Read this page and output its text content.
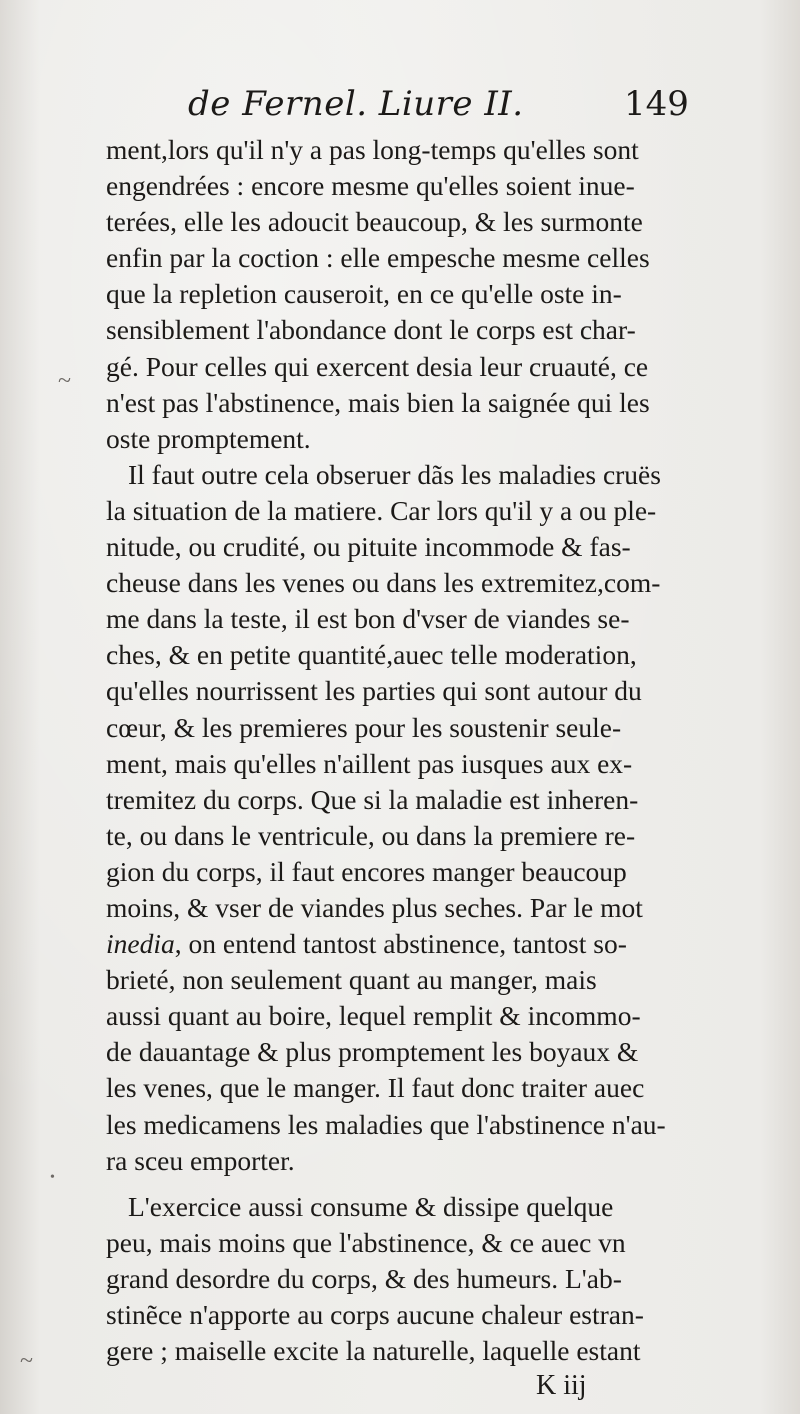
de Fernel. Liure II.	149
ment,lors qu'il n'y a pas long-temps qu'elles sont
engendrées : encore mesme qu'elles soient inue-
terées, elle les adoucit beaucoup, & les surmonte
enfin par la coction : elle empesche mesme celles
que la repletion causeroit, en ce qu'elle oste in-
sensiblement l'abondance dont le corps est char-
gé. Pour celles qui exercent desia leur cruauté, ce
n'est pas l'abstinence, mais bien la saignée qui les
oste promptement.
Il faut outre cela obseruer dãs les maladies cruës
la situation de la matiere. Car lors qu'il y a ou ple-
nitude, ou crudité, ou pituite incommode & fas-
cheuse dans les venes ou dans les extremitez,com-
me dans la teste, il est bon d'vser de viandes se-
ches, & en petite quantité,auec telle moderation,
qu'elles nourrissent les parties qui sont autour du
cœur, & les premieres pour les soustenir seule-
ment, mais qu'elles n'aillent pas iusques aux ex-
tremitez du corps. Que si la maladie est inheren-
te, ou dans le ventricule, ou dans la premiere re-
gion du corps, il faut encores manger beaucoup
moins, & vser de viandes plus seches. Par le mot
inedia, on entend tantost abstinence, tantost so-
brieté, non seulement quant au manger, mais
aussi quant au boire, lequel remplit & incommo-
de dauantage & plus promptement les boyaux &
les venes, que le manger. Il faut donc traiter auec
les medicamens les maladies que l'abstinence n'au-
ra sceu emporter.
L'exercice aussi consume & dissipe quelque
peu, mais moins que l'abstinence, & ce auec vn
grand desordre du corps, & des humeurs. L'ab-
stinẽce n'apporte au corps aucune chaleur estran-
gere ; maiselle excite la naturelle, laquelle estant
K iij
~
~
•
